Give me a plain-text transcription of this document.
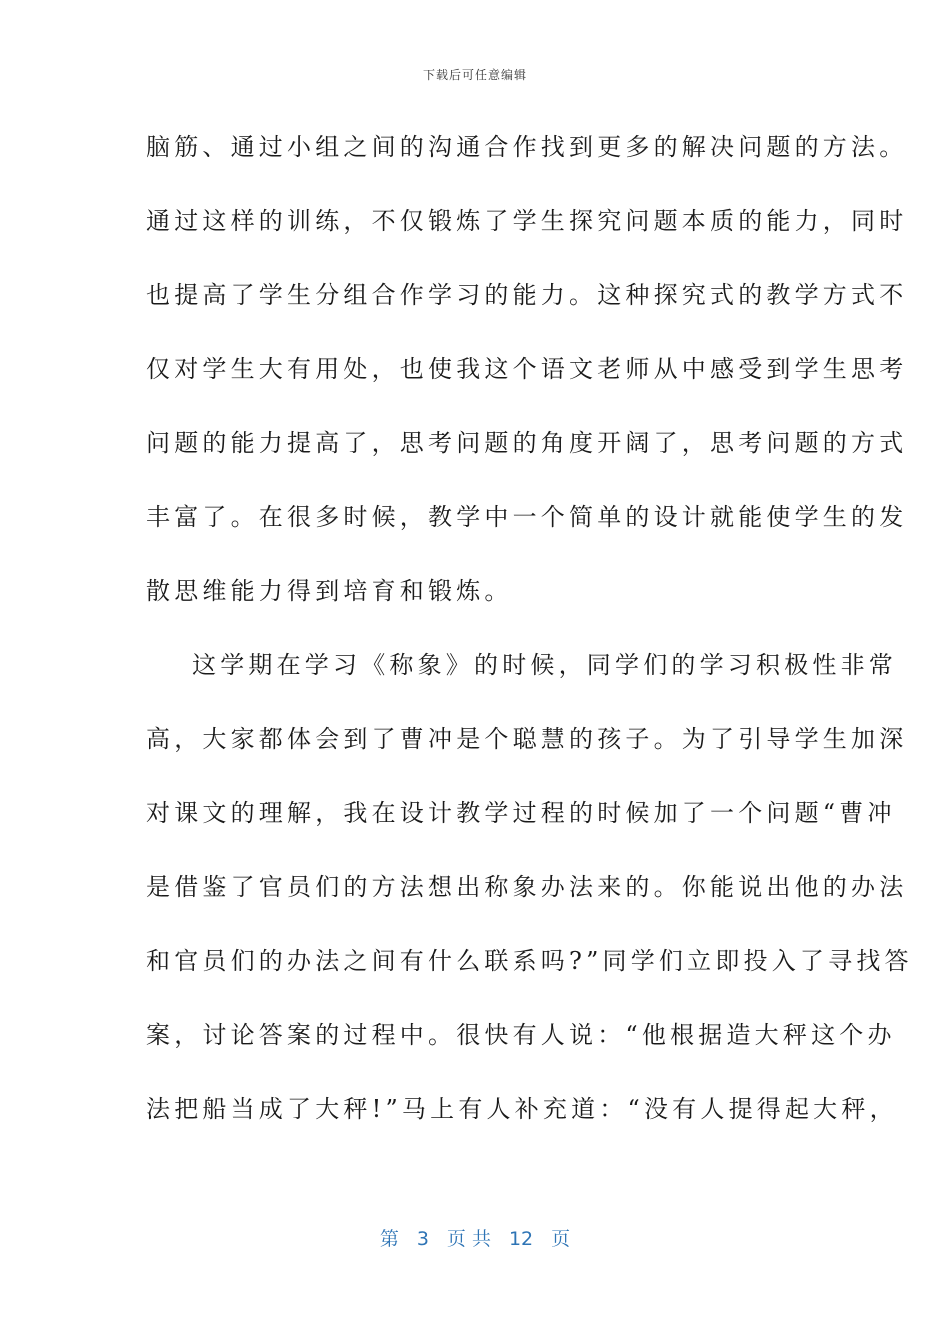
下载后可任意编辑
脑筋、通过小组之间的沟通合作找到更多的解决问题的方法。
通过这样的训练，不仅锻炼了学生探究问题本质的能力，同时
也提高了学生分组合作学习的能力。这种探究式的教学方式不
仅对学生大有用处，也使我这个语文老师从中感受到学生思考
问题的能力提高了，思考问题的角度开阔了，思考问题的方式
丰富了。在很多时候，教学中一个简单的设计就能使学生的发
散思维能力得到培育和锻炼。
这学期在学习《称象》的时候，同学们的学习积极性非常
高，大家都体会到了曹冲是个聪慧的孩子。为了引导学生加深
对课文的理解，我在设计教学过程的时候加了一个问题“曹冲
是借鉴了官员们的方法想出称象办法来的。你能说出他的办法
和官员们的办法之间有什么联系吗?”同学们立即投入了寻找答
案，讨论答案的过程中。很快有人说：“他根据造大秤这个办
法把船当成了大秤!”马上有人补充道：“没有人提得起大秤，
第 3 页 共 12 页
